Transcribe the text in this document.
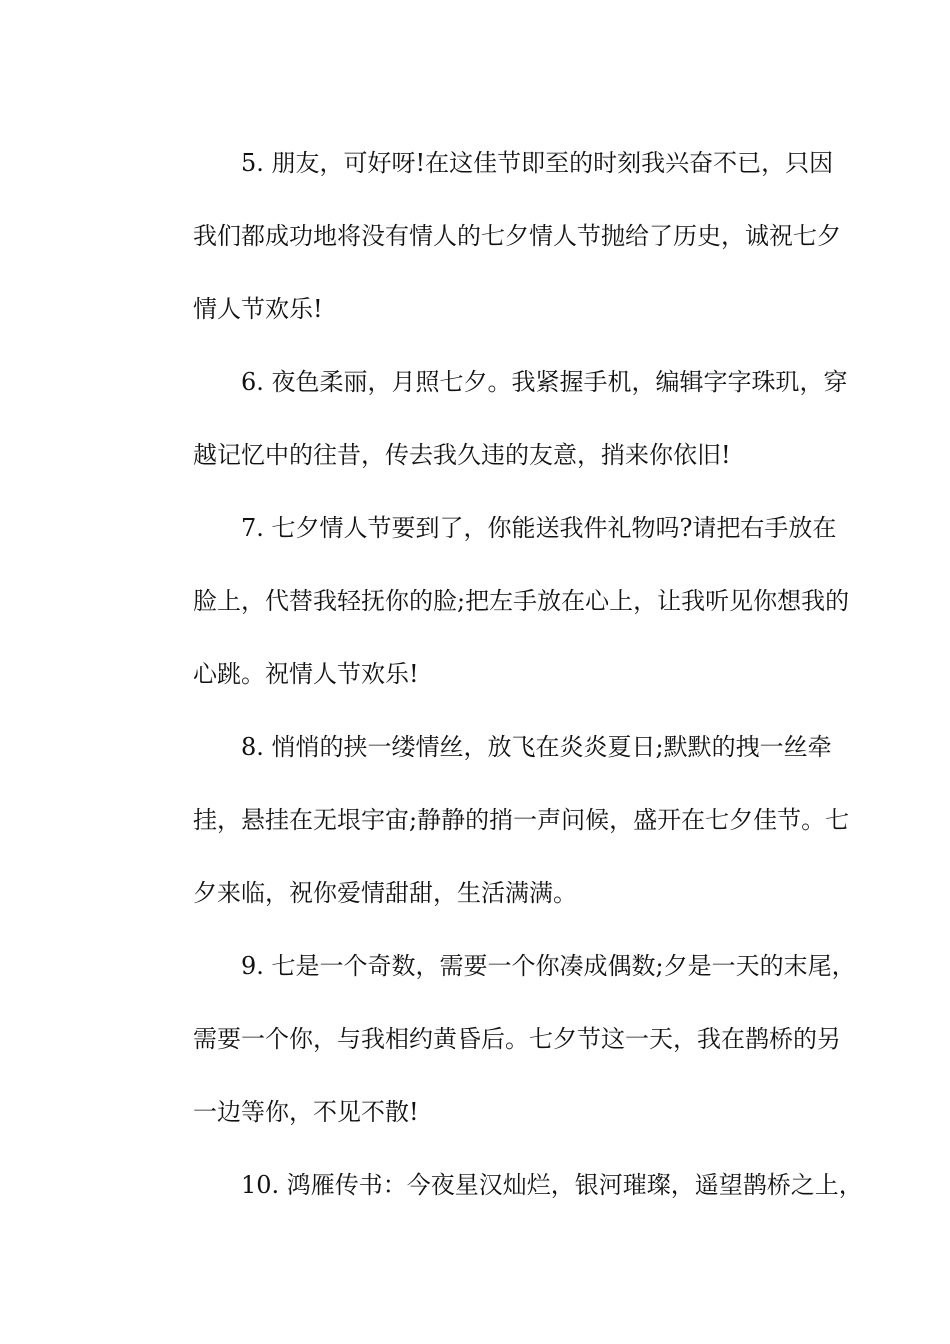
5. 朋友，可好呀!在这佳节即至的时刻我兴奋不已，只因
我们都成功地将没有情人的七夕情人节抛给了历史，诚祝七夕
情人节欢乐!
6. 夜色柔丽，月照七夕。我紧握手机，编辑字字珠玑，穿
越记忆中的往昔，传去我久违的友意，捎来你依旧!
7. 七夕情人节要到了，你能送我件礼物吗?请把右手放在
脸上，代替我轻抚你的脸;把左手放在心上，让我听见你想我的
心跳。祝情人节欢乐!
8. 悄悄的挟一缕情丝，放飞在炎炎夏日;默默的拽一丝牵
挂，悬挂在无垠宇宙;静静的捎一声问候，盛开在七夕佳节。七
夕来临，祝你爱情甜甜，生活满满。
9. 七是一个奇数，需要一个你凑成偶数;夕是一天的末尾，
需要一个你，与我相约黄昏后。七夕节这一天，我在鹊桥的另
一边等你，不见不散!
10. 鸿雁传书：今夜星汉灿烂，银河璀璨，遥望鹊桥之上，
